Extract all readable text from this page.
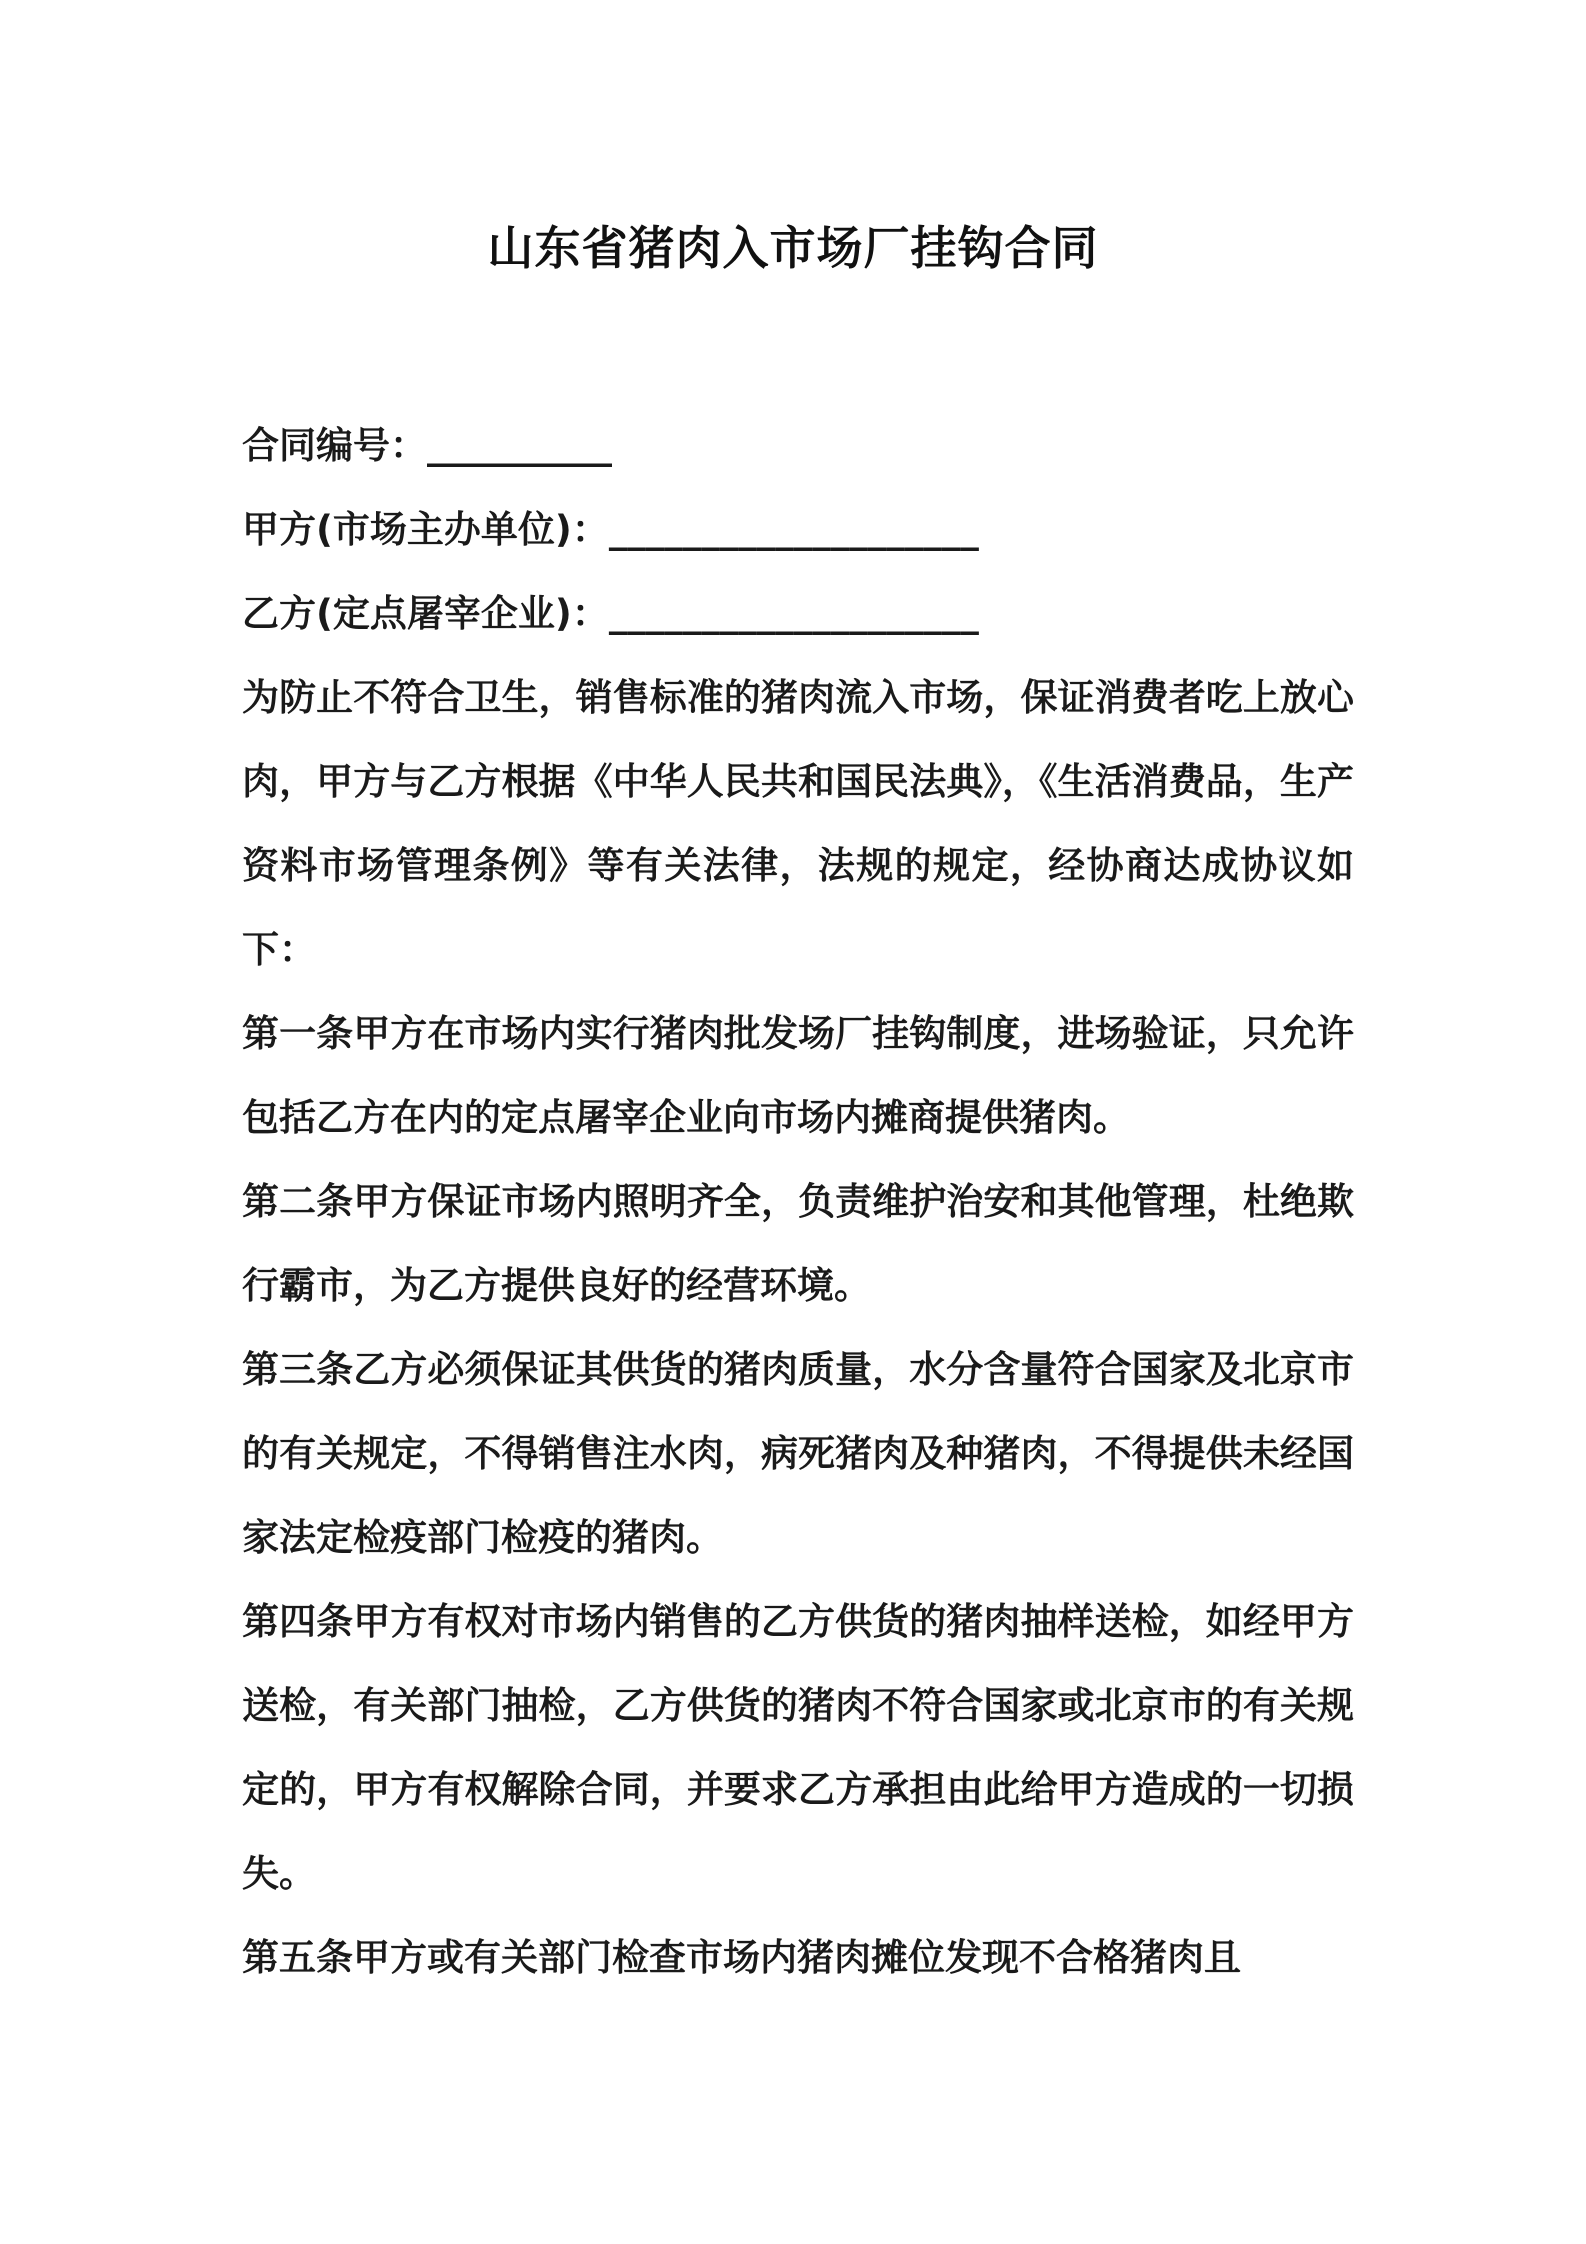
山东省猪肉入市场厂挂钩合同
合同编号：__________
甲方(市场主办单位)：____________________
乙方(定点屠宰企业)：____________________

为防止不符合卫生，销售标准的猪肉流入市场，保证消费者吃上放心肉，甲方与乙方根据《中华人民共和国民法典》，《生活消费品，生产资料市场管理条例》等有关法律，法规的规定，经协商达成协议如下：

第一条甲方在市场内实行猪肉批发场厂挂钩制度，进场验证，只允许包括乙方在内的定点屠宰企业向市场内摊商提供猪肉。

第二条甲方保证市场内照明齐全，负责维护治安和其他管理，杜绝欺行霸市，为乙方提供良好的经营环境。

第三条乙方必须保证其供货的猪肉质量，水分含量符合国家及北京市的有关规定，不得销售注水肉，病死猪肉及种猪肉，不得提供未经国家法定检疫部门检疫的猪肉。

第四条甲方有权对市场内销售的乙方供货的猪肉抽样送检，如经甲方送检，有关部门抽检，乙方供货的猪肉不符合国家或北京市的有关规定的，甲方有权解除合同，并要求乙方承担由此给甲方造成的一切损失。

第五条甲方或有关部门检查市场内猪肉摊位发现不合格猪肉且
